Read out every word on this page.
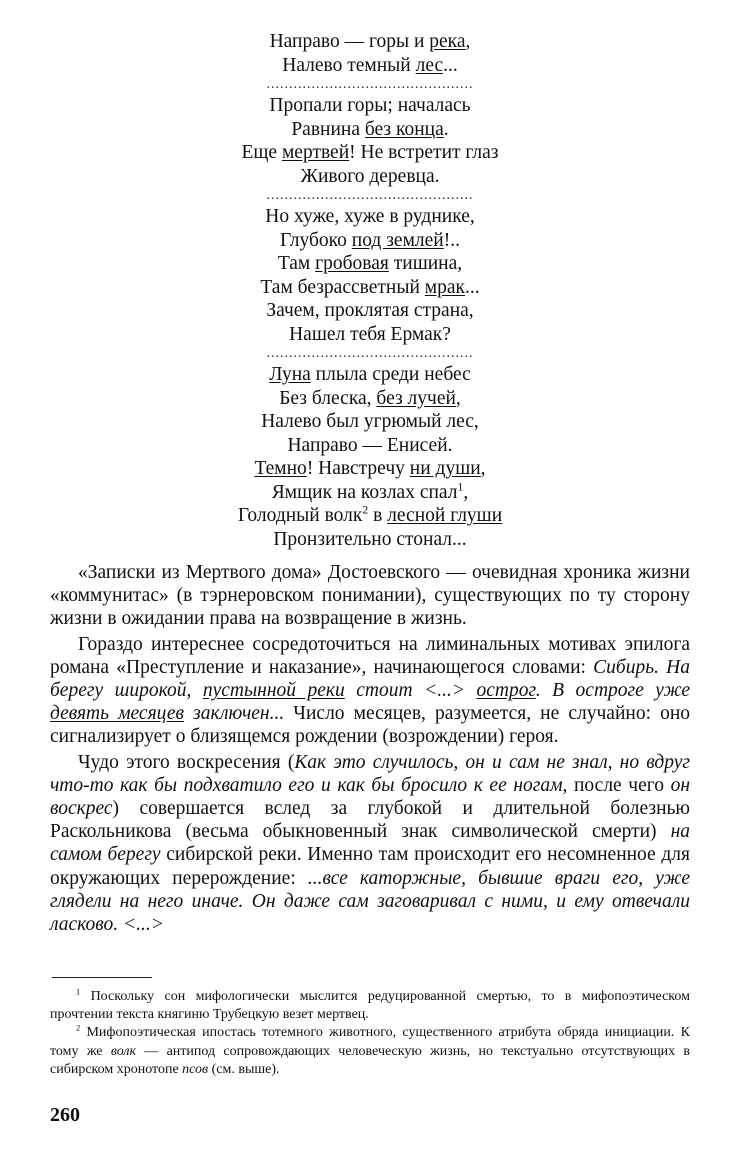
Направо — горы и река,
Налево темный лес...
..............................................
Пропали горы; началась
Равнина без конца.
Еще мертвей! Не встретит глаз
Живого деревца.
..............................................
Но хуже, хуже в руднике,
Глубоко под землей!..
Там гробовая тишина,
Там безрассветный мрак...
Зачем, проклятая страна,
Нашел тебя Ермак?
..............................................
Луна плыла среди небес
Без блеска, без лучей,
Налево был угрюмый лес,
Направо — Енисей.
Темно! Навстречу ни души,
Ямщик на козлах спал$^1$,
Голодный волк$^2$ в лесной глуши
Пронзительно стонал...

«Записки из Мертвого дома» Достоевского — очевидная хроника жизни «коммунитас» (в тэрнеровском понимании), существующих по ту сторону жизни в ожидании права на возвращение в жизнь.

Гораздо интереснее сосредоточиться на лиминальных мотивах эпилога романа «Преступление и наказание», начинающегося словами: Сибирь. На берегу широкой, пустынной реки стоит <...> острог. В остроге уже девять месяцев заключен... Число месяцев, разумеется, не случайно: оно сигнализирует о близящемся рождении (возрождении) героя.

Чудо этого воскресения (Как это случилось, он и сам не знал, но вдруг что-то как бы подхватило его и как бы бросило к ее ногам, после чего он воскрес) совершается вслед за глубокой и длительной болезнью Раскольникова (весьма обыкновенный знак символической смерти) на самом берегу сибирской реки. Именно там происходит его несомненное для окружающих перерождение: ...все каторжные, бывшие враги его, уже глядели на него иначе. Он даже сам заговаривал с ними, и ему отвечали ласково. <...>

$^1$ Поскольку сон мифологически мыслится редуцированной смертью, то в мифопоэтическом прочтении текста княгиню Трубецкую везет мертвец.

$^2$ Мифопоэтическая ипостась тотемного животного, существенного атрибута обряда инициации. К тому же волк — антипод сопровождающих человеческую жизнь, но текстуально отсутствующих в сибирском хронотопе псов (см. выше).

260
